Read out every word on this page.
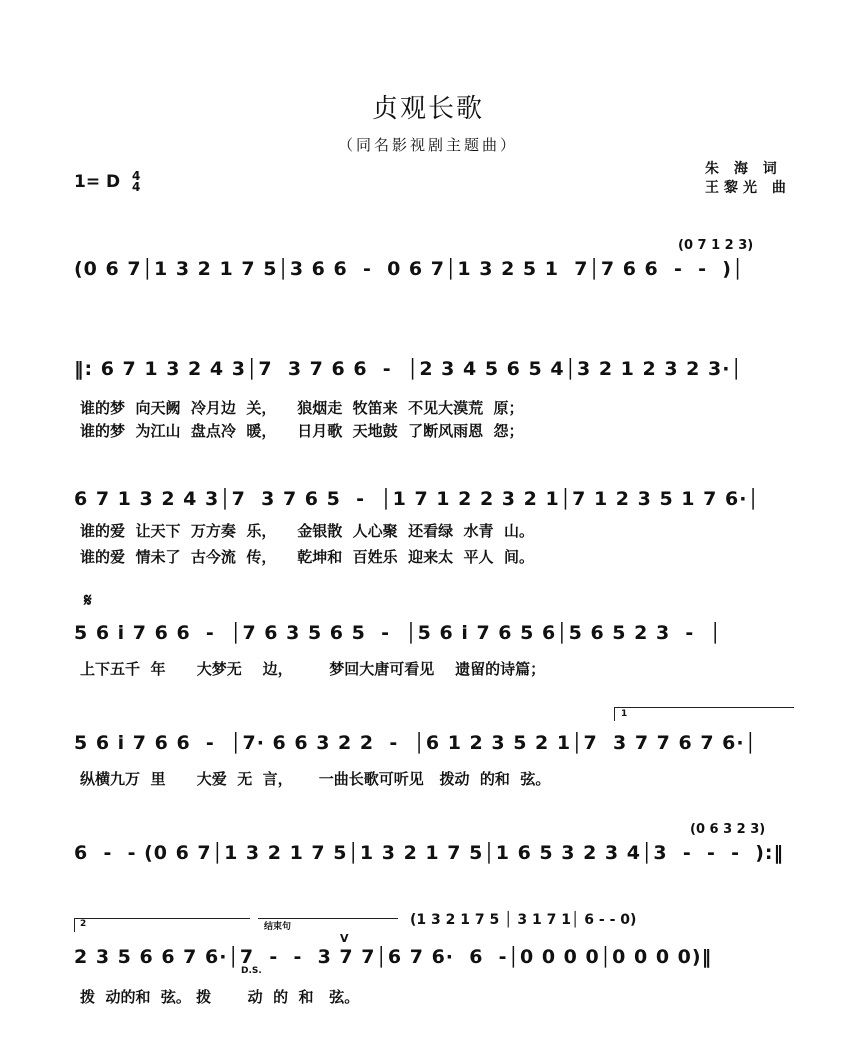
贞观长歌
（同名影视剧主题曲）
朱 海 词
王黎光 曲
1= D 4
4
(0 7 1 2 3)
(0 6 7│1 3 2 1 7 5│3 6 6  -  0 6 7│1 3 2 5 1  7│7 6 6  -  -  )│
‖: 6 7 1 3 2 4 3│7  3 7 6 6  -  │2 3 4 5 6 5 4│3 2 1 2 3 2 3·│
谁的梦  向天阙  冷月边  关，    狼烟走  牧笛来  不见大漠荒  原；
谁的梦  为江山  盘点冷  暖，    日月歌  天地鼓  了断风雨恩  怨；
6 7 1 3 2 4 3│7  3 7 6 5  -  │1 7 1 2 2 3 2 1│7 1 2 3 5 1 7 6·│
谁的爱  让天下  万方奏  乐，    金银散  人心聚  还看绿  水青  山。
谁的爱  情未了  古今流  传，    乾坤和  百姓乐  迎来太  平人  间。
𝄋
5 6 i 7 6 6  -  │7 6 3 5 6 5  -  │5 6 i 7 6 5 6│5 6 5 2 3  -  │
上下五千  年      大梦无    边，       梦回大唐可看见    遗留的诗篇；
1
5 6 i 7 6 6  -  │7· 6 6 3 2 2  -  │6 1 2 3 5 2 1│7  3 7 7 6 7 6·│
纵横九万  里      大爱  无  言，     一曲长歌可听见   拨动  的和  弦。
(0 6 3 2 3)
6  -  - (0 6 7│1 3 2 1 7 5│1 3 2 1 7 5│1 6 5 3 2 3 4│3  -  -  -  ):‖
2	结束句	(1 3 2 1 7 5 │ 3 1 7 1│ 6 - - 0)
V
2 3 5 6 6 7 6·│7  -  -  3 7 7│6 7 6·  6  -│0 0 0 0│0 0 0 0)‖
D.S.
拨  动的和  弦。 拨       动  的  和   弦。
